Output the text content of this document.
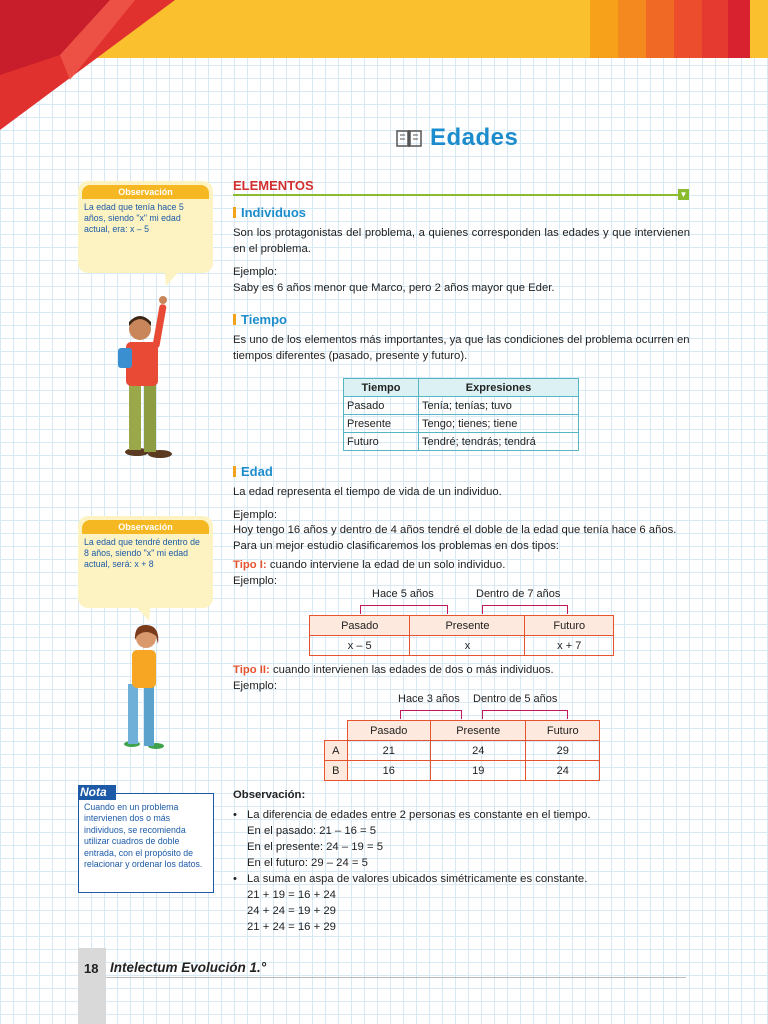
Edades
ELEMENTOS
▼
Individuos
Son los protagonistas del problema, a quienes corresponden las edades y que intervienen en el problema.
Ejemplo:
Saby es 6 años menor que Marco, pero 2 años mayor que Eder.
Tiempo
Es uno de los elementos más importantes, ya que las condiciones del problema ocurren en tiempos diferentes (pasado, presente y futuro).
Tiempo	Expresiones
Pasado	Tenía; tenías; tuvo
Presente	Tengo; tienes; tiene
Futuro	Tendré; tendrás; tendrá
Edad
La edad representa el tiempo de vida de un individuo.
Ejemplo:
Hoy tengo 16 años y dentro de 4 años tendré el doble de la edad que tenía hace 6 años.
Para un mejor estudio clasificaremos los problemas en dos tipos:
Tipo I: cuando interviene la edad de un solo individuo.
Ejemplo:
Hace 5 años	Dentro de 7 años
Pasado	Presente	Futuro
x – 5	x	x + 7
Tipo II: cuando intervienen las edades de dos o más individuos.
Ejemplo:
Hace 3 años Dentro de 5 años
	Pasado	Presente	Futuro
A	21	24	29
B	16	19	24
Observación:
• La diferencia de edades entre 2 personas es constante en el tiempo.
En el pasado: 21 – 16 = 5
En el presente: 24 – 19 = 5
En el futuro: 29 – 24 = 5
• La suma en aspa de valores ubicados simétricamente es constante.
21 + 19 = 16 + 24
24 + 24 = 19 + 29
21 + 24 = 16 + 29
Observación
La edad que tenía hace 5 años, siendo "x" mi edad actual, era: x – 5
Observación
La edad que tendré dentro de 8 años, siendo "x" mi edad actual, será: x + 8
Nota
Cuando en un problema intervienen dos o más individuos, se recomienda utilizar cuadros de doble entrada, con el propósito de relacionar y ordenar los datos.
18 Intelectum Evolución 1.°
